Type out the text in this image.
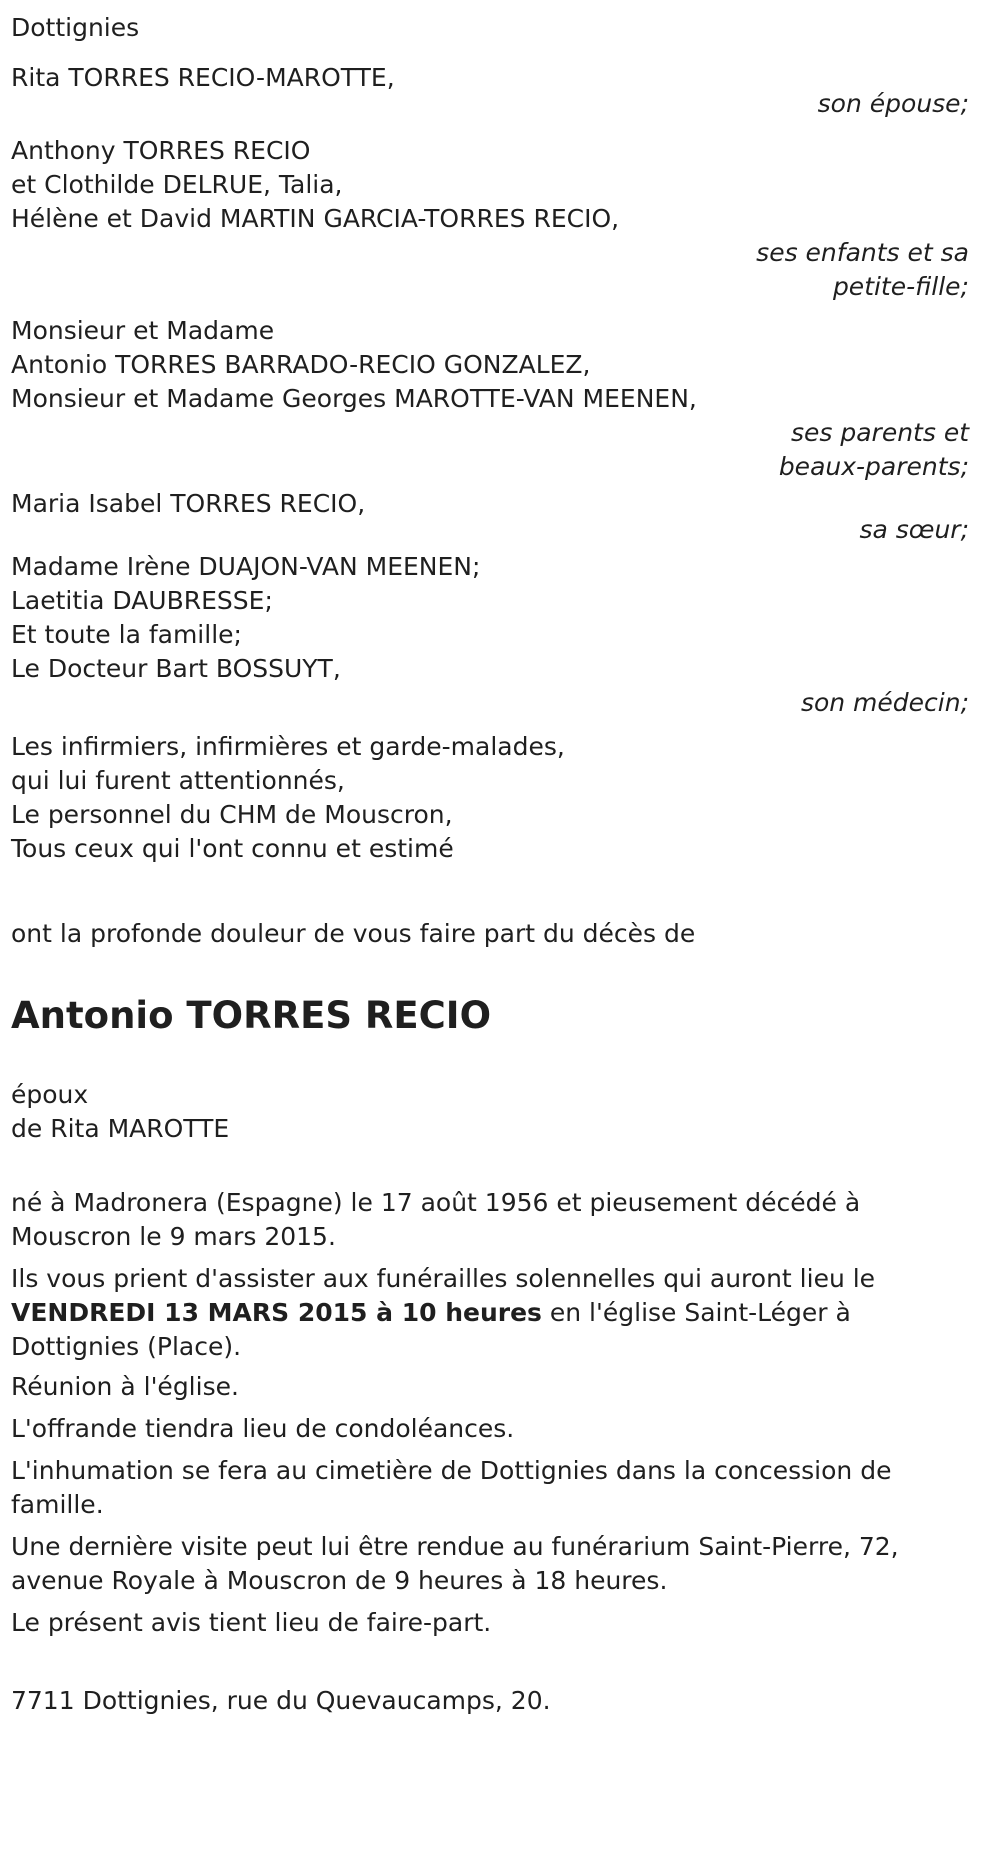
Dottignies
Rita TORRES RECIO-MAROTTE,
son épouse;
Anthony TORRES RECIO
et Clothilde DELRUE, Talia,
Hélène et David MARTIN GARCIA-TORRES RECIO,
ses enfants et sa
petite-fille;
Monsieur et Madame
Antonio TORRES BARRADO-RECIO GONZALEZ,
Monsieur et Madame Georges MAROTTE-VAN MEENEN,
ses parents et
beaux-parents;
Maria Isabel TORRES RECIO,
sa sœur;
Madame Irène DUAJON-VAN MEENEN;
Laetitia DAUBRESSE;
Et toute la famille;
Le Docteur Bart BOSSUYT,
son médecin;
Les infirmiers, infirmières et garde-malades,
qui lui furent attentionnés,
Le personnel du CHM de Mouscron,
Tous ceux qui l'ont connu et estimé
ont la profonde douleur de vous faire part du décès de
Antonio TORRES RECIO
époux
de Rita MAROTTE
né à Madronera (Espagne) le 17 août 1956 et pieusement décédé à Mouscron le 9 mars 2015.
Ils vous prient d'assister aux funérailles solennelles qui auront lieu le VENDREDI 13 MARS 2015 à 10 heures en l'église Saint-Léger à Dottignies (Place).
Réunion à l'église.
L'offrande tiendra lieu de condoléances.
L'inhumation se fera au cimetière de Dottignies dans la concession de famille.
Une dernière visite peut lui être rendue au funérarium Saint-Pierre, 72, avenue Royale à Mouscron de 9 heures à 18 heures.
Le présent avis tient lieu de faire-part.
7711 Dottignies, rue du Quevaucamps, 20.
